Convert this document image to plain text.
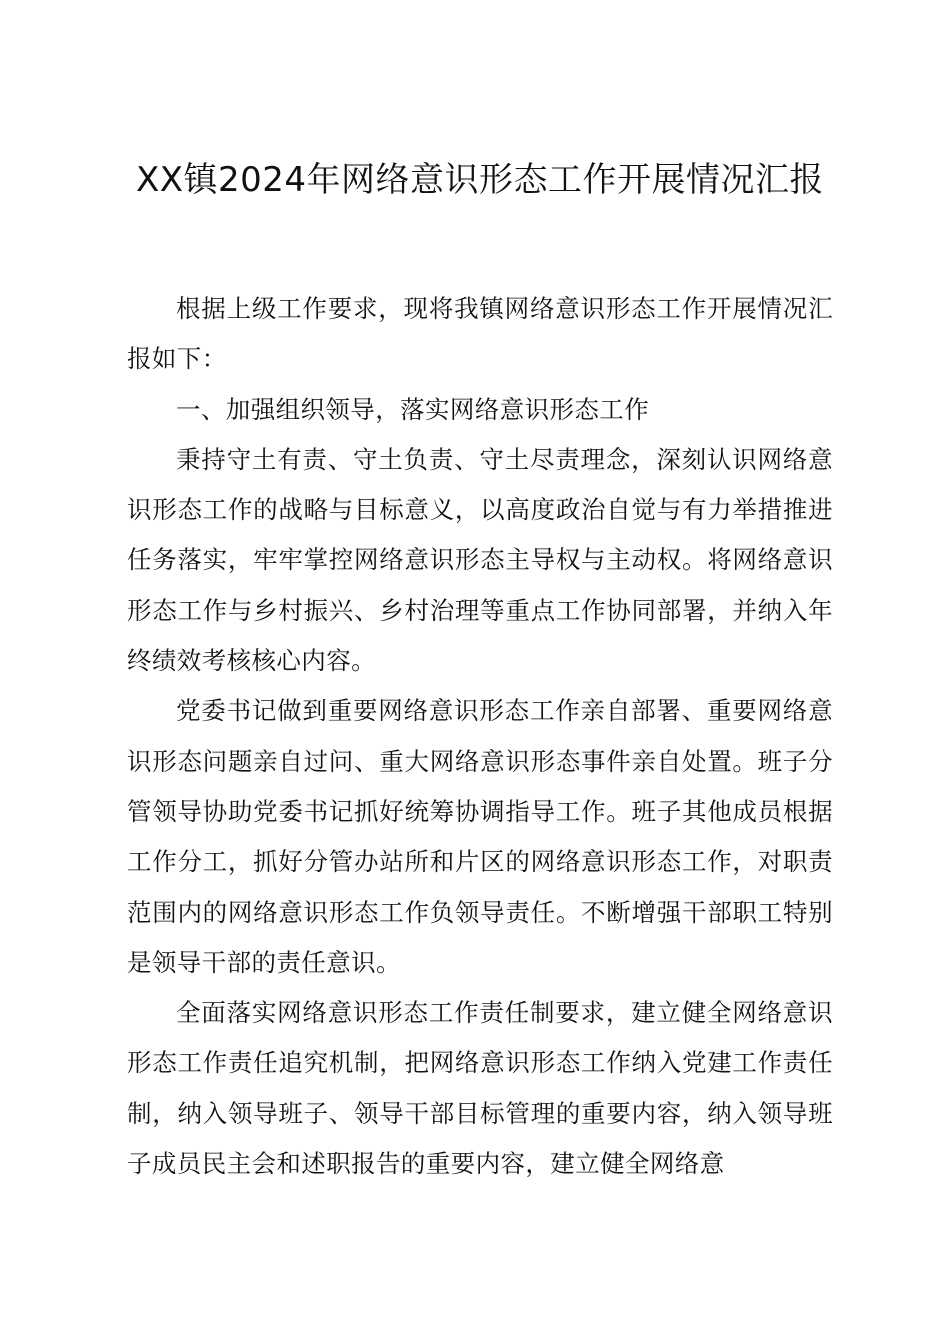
XX镇2024年网络意识形态工作开展情况汇报

根据上级工作要求，现将我镇网络意识形态工作开展情况汇报如下：

一、加强组织领导，落实网络意识形态工作

秉持守土有责、守土负责、守土尽责理念，深刻认识网络意识形态工作的战略与目标意义，以高度政治自觉与有力举措推进任务落实，牢牢掌控网络意识形态主导权与主动权。将网络意识形态工作与乡村振兴、乡村治理等重点工作协同部署，并纳入年终绩效考核核心内容。

党委书记做到重要网络意识形态工作亲自部署、重要网络意识形态问题亲自过问、重大网络意识形态事件亲自处置。班子分管领导协助党委书记抓好统筹协调指导工作。班子其他成员根据工作分工，抓好分管办站所和片区的网络意识形态工作，对职责范围内的网络意识形态工作负领导责任。不断增强干部职工特别是领导干部的责任意识。

全面落实网络意识形态工作责任制要求，建立健全网络意识形态工作责任追究机制，把网络意识形态工作纳入党建工作责任制，纳入领导班子、领导干部目标管理的重要内容，纳入领导班子成员民主会和述职报告的重要内容，建立健全网络意
